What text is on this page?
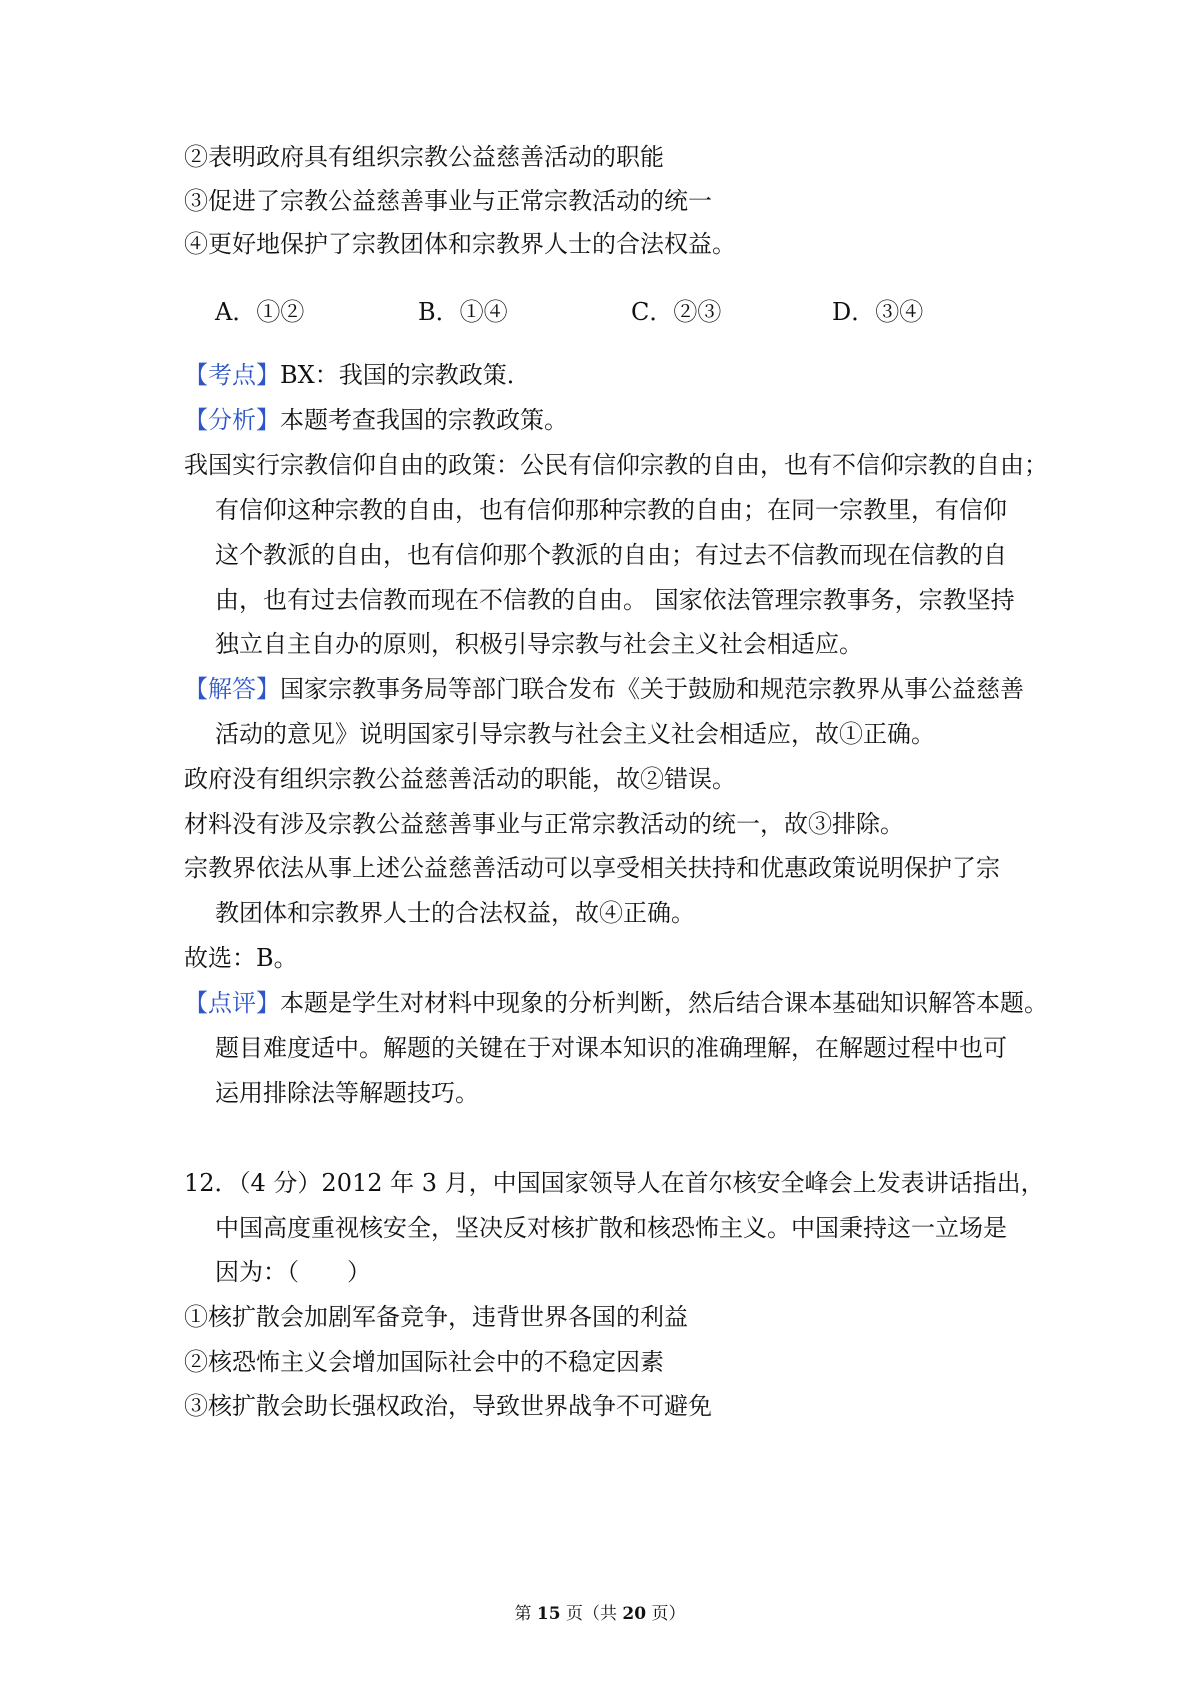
②表明政府具有组织宗教公益慈善活动的职能
③促进了宗教公益慈善事业与正常宗教活动的统一
④更好地保护了宗教团体和宗教界人士的合法权益。
A．①②	B．①④	C．②③	D．③④
【考点】BX：我国的宗教政策．
【分析】本题考查我国的宗教政策。
我国实行宗教信仰自由的政策：公民有信仰宗教的自由，也有不信仰宗教的自由；
有信仰这种宗教的自由，也有信仰那种宗教的自由；在同一宗教里，有信仰
这个教派的自由，也有信仰那个教派的自由；有过去不信教而现在信教的自
由，也有过去信教而现在不信教的自由。 国家依法管理宗教事务，宗教坚持
独立自主自办的原则，积极引导宗教与社会主义社会相适应。
【解答】国家宗教事务局等部门联合发布《关于鼓励和规范宗教界从事公益慈善
活动的意见》说明国家引导宗教与社会主义社会相适应，故①正确。
政府没有组织宗教公益慈善活动的职能，故②错误。
材料没有涉及宗教公益慈善事业与正常宗教活动的统一，故③排除。
宗教界依法从事上述公益慈善活动可以享受相关扶持和优惠政策说明保护了宗
教团体和宗教界人士的合法权益，故④正确。
故选：B。
【点评】本题是学生对材料中现象的分析判断，然后结合课本基础知识解答本题。
题目难度适中。解题的关键在于对课本知识的准确理解，在解题过程中也可
运用排除法等解题技巧。
12．（4 分）2012 年 3 月，中国国家领导人在首尔核安全峰会上发表讲话指出，
中国高度重视核安全，坚决反对核扩散和核恐怖主义。中国秉持这一立场是
因为：（　　）
①核扩散会加剧军备竞争，违背世界各国的利益
②核恐怖主义会增加国际社会中的不稳定因素
③核扩散会助长强权政治，导致世界战争不可避免
第 15 页（共 20 页）
